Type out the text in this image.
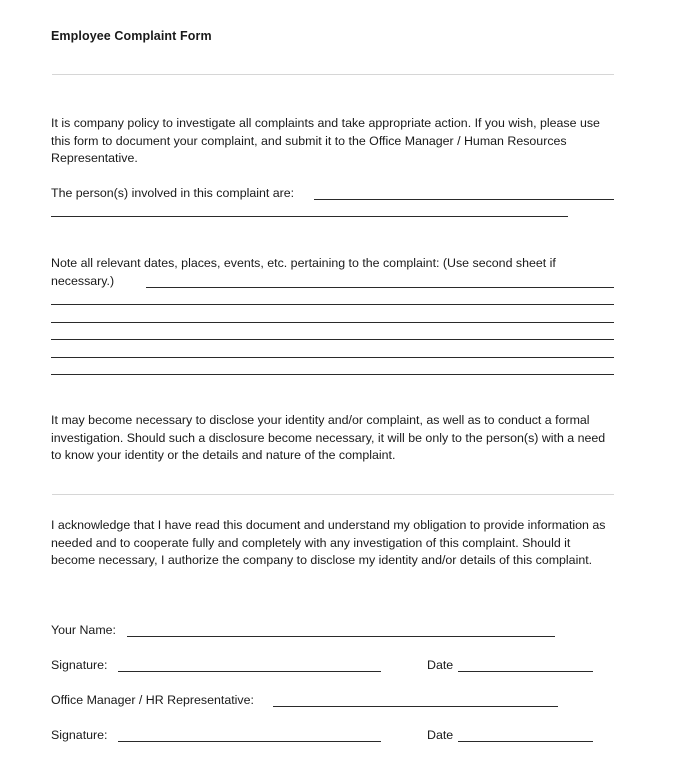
Employee Complaint Form
It is company policy to investigate all complaints and take appropriate action. If you wish, please use this form to document your complaint, and submit it to the Office Manager / Human Resources Representative.
The person(s) involved in this complaint are:
Note all relevant dates, places, events, etc. pertaining to the complaint: (Use second sheet if
necessary.)
It may become necessary to disclose your identity and/or complaint, as well as to conduct a formal investigation. Should such a disclosure become necessary, it will be only to the person(s) with a need to know your identity or the details and nature of the complaint.
I acknowledge that I have read this document and understand my obligation to provide information as needed and to cooperate fully and completely with any investigation of this complaint. Should it become necessary, I authorize the company to disclose my identity and/or details of this complaint.
Your Name:
Signature:	Date
Office Manager / HR Representative:
Signature:	Date
